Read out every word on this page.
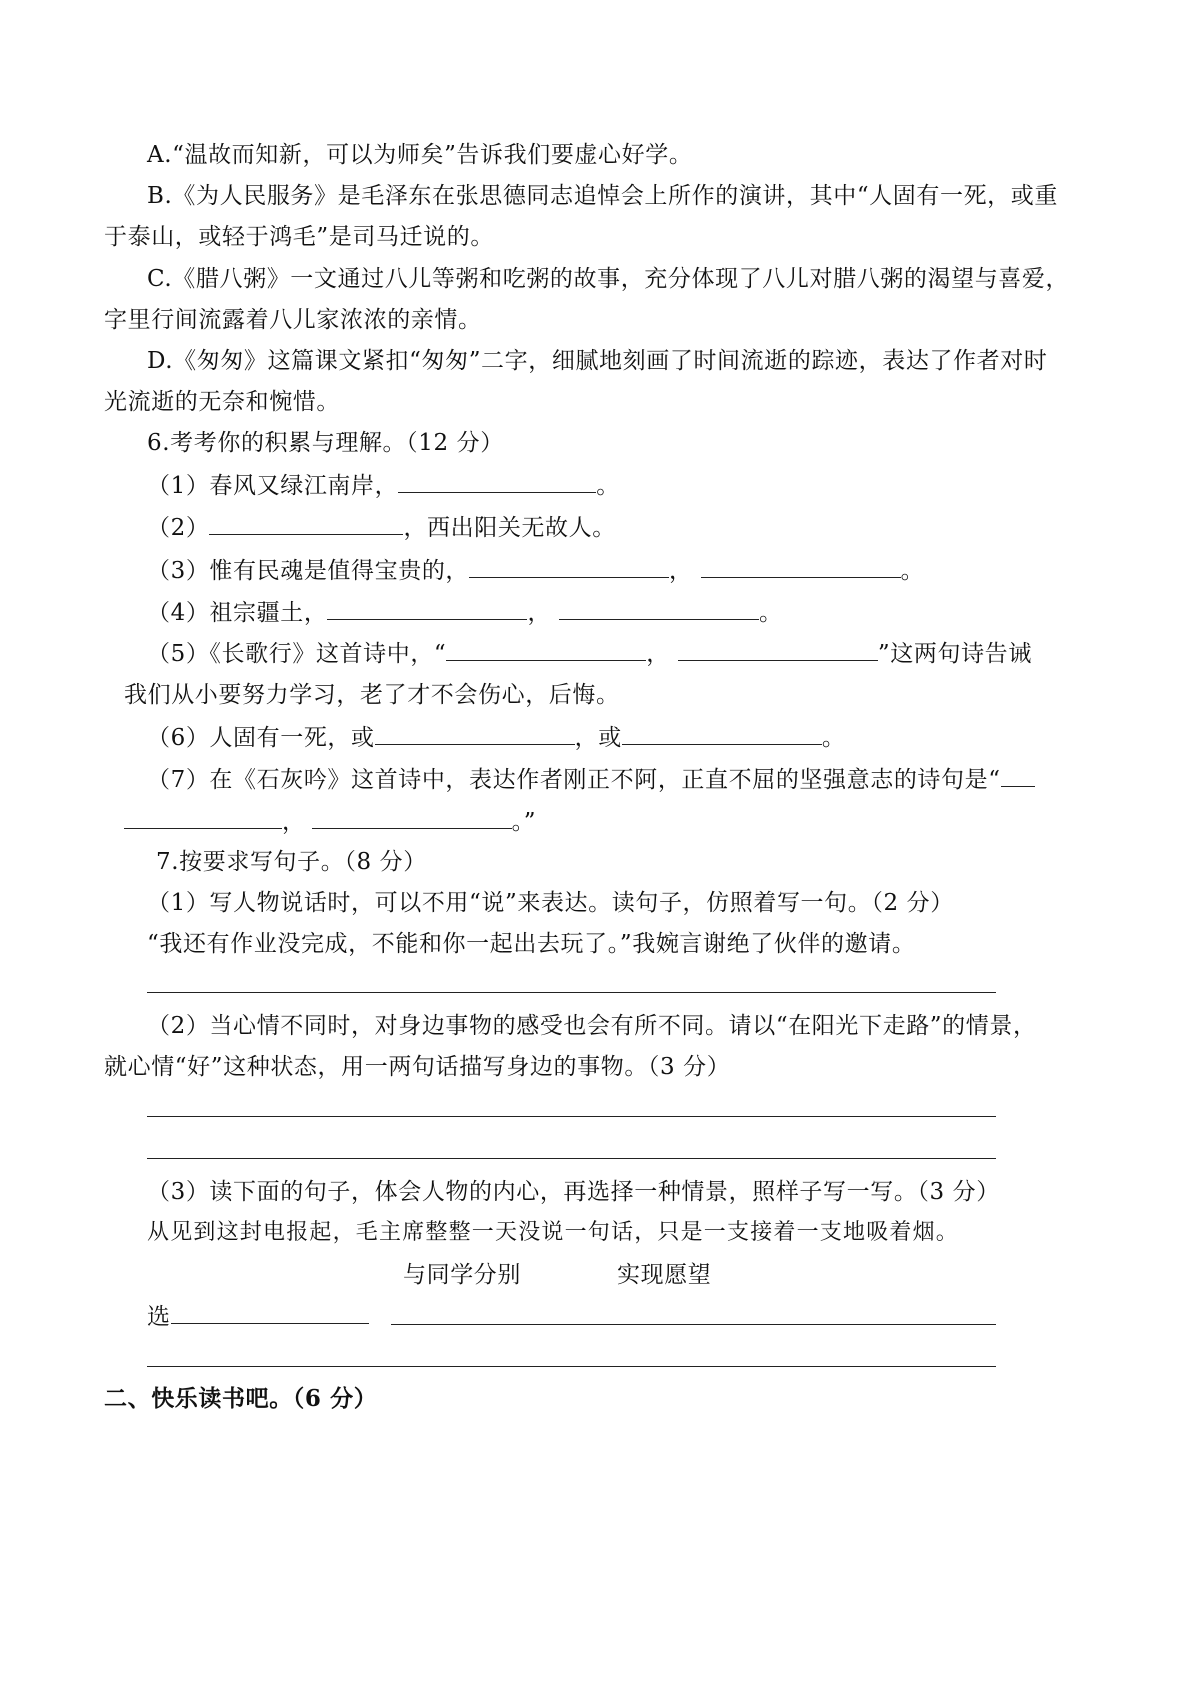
A.“温故而知新，可以为师矣”告诉我们要虚心好学。
B.《为人民服务》是毛泽东在张思德同志追悼会上所作的演讲，其中“人固有一死，或重
于泰山，或轻于鸿毛”是司马迁说的。
C.《腊八粥》一文通过八儿等粥和吃粥的故事，充分体现了八儿对腊八粥的渴望与喜爱，
字里行间流露着八儿家浓浓的亲情。
D.《匆匆》这篇课文紧扣“匆匆”二字，细腻地刻画了时间流逝的踪迹，表达了作者对时
光流逝的无奈和惋惜。
6.考考你的积累与理解。（12 分）
（1）春风又绿江南岸，	。
（2）	，西出阳关无故人。
（3）惟有民魂是值得宝贵的，	，	。
（4）祖宗疆土，	，	。
（5）《长歌行》这首诗中，“	，	”这两句诗告诫
我们从小要努力学习，老了才不会伤心，后悔。
（6）人固有一死，或	，或	。
（7）在《石灰吟》这首诗中，表达作者刚正不阿，正直不屈的坚强意志的诗句是“
，	。”
7.按要求写句子。（8 分）
（1）写人物说话时，可以不用“说”来表达。读句子，仿照着写一句。（2 分）
“我还有作业没完成，不能和你一起出去玩了。”我婉言谢绝了伙伴的邀请。
（2）当心情不同时，对身边事物的感受也会有所不同。请以“在阳光下走路”的情景，
就心情“好”这种状态，用一两句话描写身边的事物。（3 分）
（3）读下面的句子，体会人物的内心，再选择一种情景，照样子写一写。（3 分）
从见到这封电报起，毛主席整整一天没说一句话，只是一支接着一支地吸着烟。
与同学分别	实现愿望
选
二、快乐读书吧。（6 分）
